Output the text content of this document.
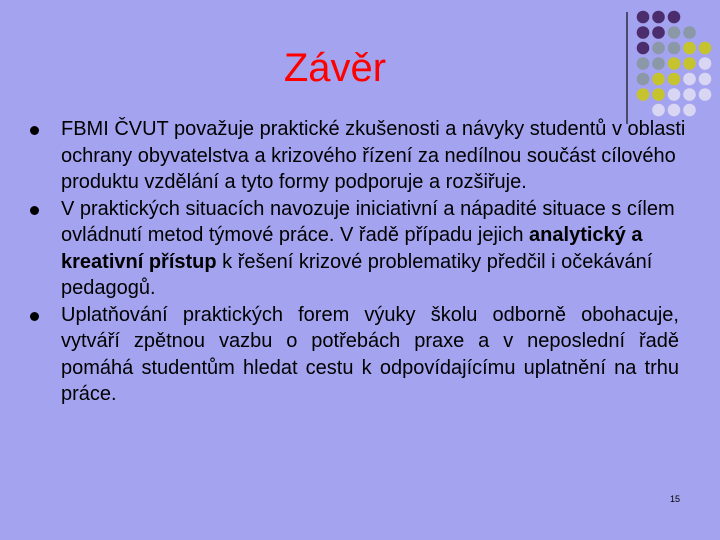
Závěr
FBMI ČVUT považuje praktické zkušenosti a návyky studentů v oblasti ochrany obyvatelstva a krizového řízení za nedílnou součást cílového produktu vzdělání a tyto formy podporuje a rozšiřuje.
V praktických situacích navozuje iniciativní a nápadité situace s cílem ovládnutí metod týmové práce. V řadě případu jejich analytický a kreativní přístup k řešení krizové problematiky předčil i očekávání pedagogů.
Uplatňování praktických forem výuky školu odborně obohacuje, vytváří zpětnou vazbu o potřebách praxe a v neposlední řadě pomáhá studentům hledat cestu k odpovídajícímu uplatnění na trhu práce.
15
